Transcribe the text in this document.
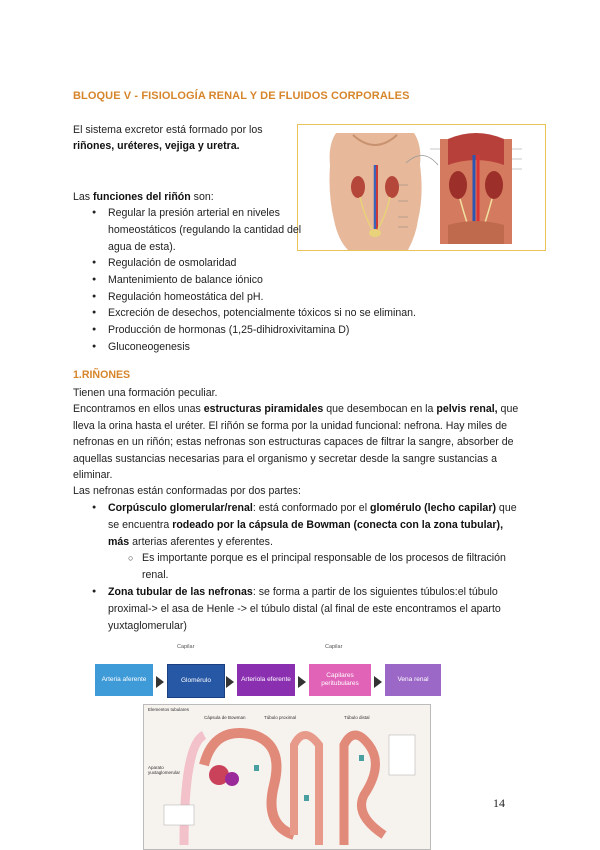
BLOQUE V - FISIOLOGÍA RENAL Y DE FLUIDOS CORPORALES

El sistema excretor está formado por los
riñones, uréteres, vejiga y uretra.

Las funciones del riñón son:

● Regular la presión arterial en niveles homeostáticos (regulando la cantidad del agua de esta).
● Regulación de osmolaridad
● Mantenimiento de balance iónico
● Regulación homeostática del pH.
● Excreción de desechos, potencialmente tóxicos si no se eliminan.
● Producción de hormonas (1,25-dihidroxivitamina D)
● Gluconeogenesis
1.RIÑONES

Tienen una formación peculiar.
Encontramos en ellos unas estructuras piramidales que desembocan en la pelvis renal, que lleva la orina hasta el uréter. El riñón se forma por la unidad funcional: nefrona. Hay miles de nefronas en un riñón; estas nefronas son estructuras capaces de filtrar la sangre, absorber de aquellas sustancias necesarias para el organismo y secretar desde la sangre sustancias a eliminar.
Las nefronas están conformadas por dos partes:

● Corpúsculo glomerular/renal: está conformado por el glomérulo (lecho capilar) que se encuentra rodeado por la cápsula de Bowman (conecta con la zona tubular), más arterias aferentes y eferentes.
○ Es importante porque es el principal responsable de los procesos de filtración renal.
● Zona tubular de las nefronas: se forma a partir de los siguientes túbulos:el túbulo proximal-> el asa de Henle -> el túbulo distal (al final de este encontramos el aparto yuxtaglomerular)
Capilar	Capilar
Arteria aferente	Glomérulo	Arteriola eferente
Capilares peritubulares
Vena renal
Elementos tubulares
Cápsula de Bowman	Túbulo proximal	Túbulo distal
Aparato yuxtaglomerular
14
